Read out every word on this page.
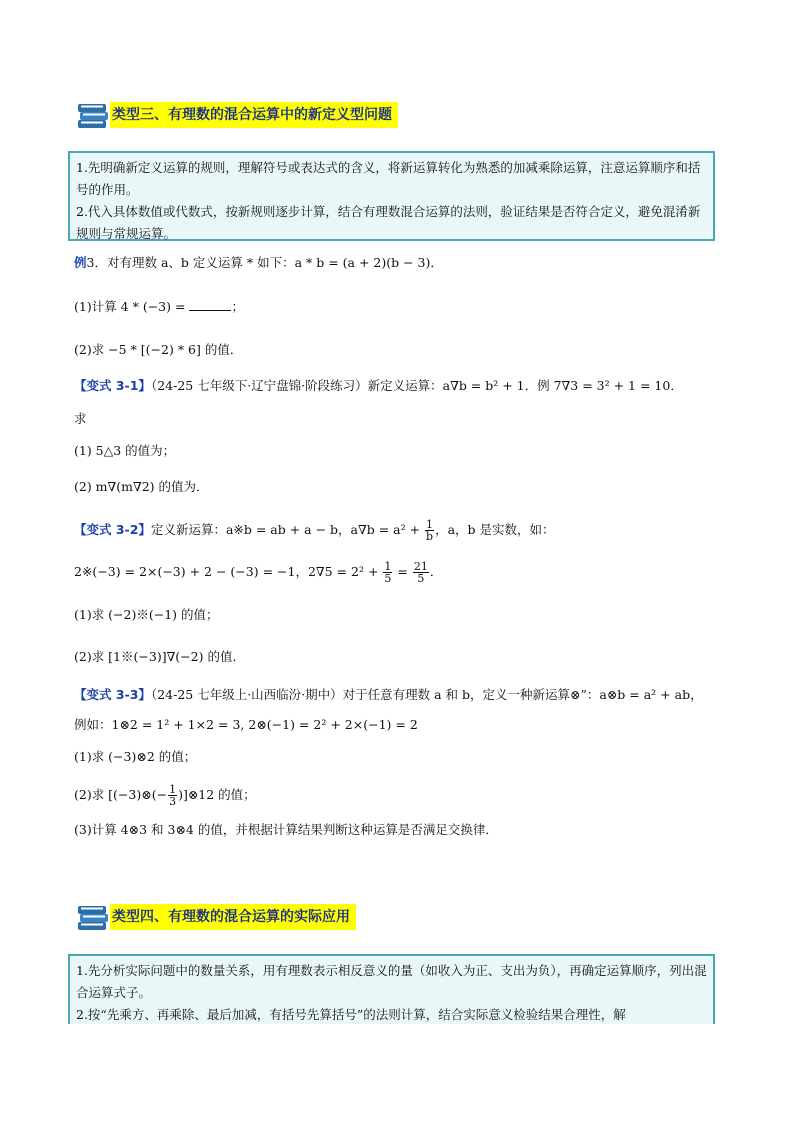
类型三、有理数的混合运算中的新定义型问题
1.先明确新定义运算的规则，理解符号或表达式的含义，将新运算转化为熟悉的加减乘除运算，注意运算顺序和括号的作用。
2.代入具体数值或代数式，按新规则逐步计算，结合有理数混合运算的法则，验证结果是否符合定义，避免混淆新规则与常规运算。
例3．对有理数 a、b 定义运算 * 如下：a * b = (a + 2)(b − 3)．
(1)计算 4 * (−3) =	；
(2)求 −5 * [(−2) * 6] 的值．
【变式 3-1】（24-25 七年级下·辽宁盘锦·阶段练习）新定义运算：a∇b = b² + 1．例 7∇3 = 3² + 1 = 10．
求
(1) 5△3 的值为；
(2) m∇(m∇2) 的值为．
【变式 3-2】定义新运算：a※b = ab + a − b，$a\nabla b = a^2 + \frac{1}{b}$ ，a，b 是实数，如：
2※(−3) = 2×(−3) + 2 − (−3) = −1，$2\nabla 5 = 2^2 + \frac{1}{5} = \frac{21}{5}$ ．
(1)求 (−2)※(−1) 的值；
(2)求 [1※(−3)]∇(−2) 的值．
【变式 3-3】（24-25 七年级上·山西临汾·期中）对于任意有理数 a 和 b，定义一种新运算⊗”：a⊗b = a² + ab，
例如：1⊗2 = 1² + 1×2 = 3, 2⊗(−1) = 2² + 2×(−1) = 2
(1)求 (−3)⊗2 的值；
(2)求 [(−3)⊗(− $\frac{1}{3}$ )]⊗12 的值；
(3)计算 4⊗3 和 3⊗4 的值，并根据计算结果判断这种运算是否满足交换律．
类型四、有理数的混合运算的实际应用
1.先分析实际问题中的数量关系，用有理数表示相反意义的量（如收入为正、支出为负），再确定运算顺序，列出混合运算式子。
2.按“先乘方、再乘除、最后加减，有括号先算括号”的法则计算，结合实际意义检验结果合理性，解
